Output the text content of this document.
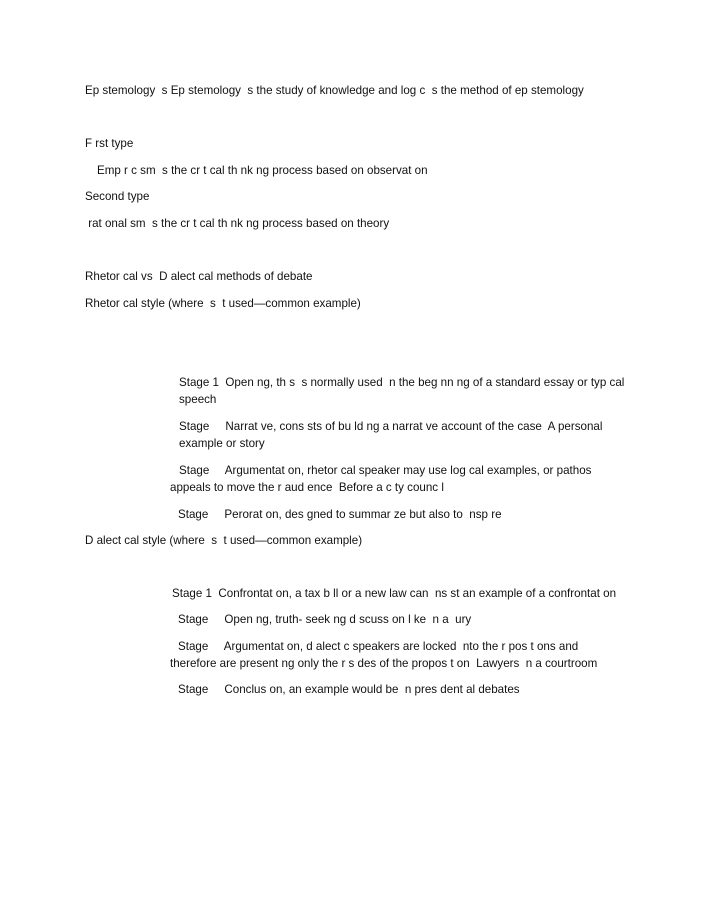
Ep stemology  s Ep stemology  s the study of knowledge and log c  s the method of ep stemology
F rst type
Emp r c sm  s the cr t cal th nk ng process based on observat on
Second type
rat onal sm  s the cr t cal th nk ng process based on theory
Rhetor cal vs  D alect cal methods of debate
Rhetor cal style (where  s  t used—common example)
Stage 1  Open ng, th s  s normally used  n the beg nn ng of a standard essay or typ cal
speech
Stage     Narrat ve, cons sts of bu ld ng a narrat ve account of the case  A personal
example or story
Stage     Argumentat on, rhetor cal speaker may use log cal examples, or pathos
appeals to move the r aud ence  Before a c ty counc l
Stage     Perorat on, des gned to summar ze but also to  nsp re
D alect cal style (where  s  t used—common example)
Stage 1  Confrontat on, a tax b ll or a new law can  ns st an example of a confrontat on
Stage     Open ng, truth- seek ng d scuss on l ke  n a  ury
Stage     Argumentat on, d alect c speakers are locked  nto the r pos t ons and
therefore are present ng only the r s des of the propos t on  Lawyers  n a courtroom
Stage     Conclus on, an example would be  n pres dent al debates
